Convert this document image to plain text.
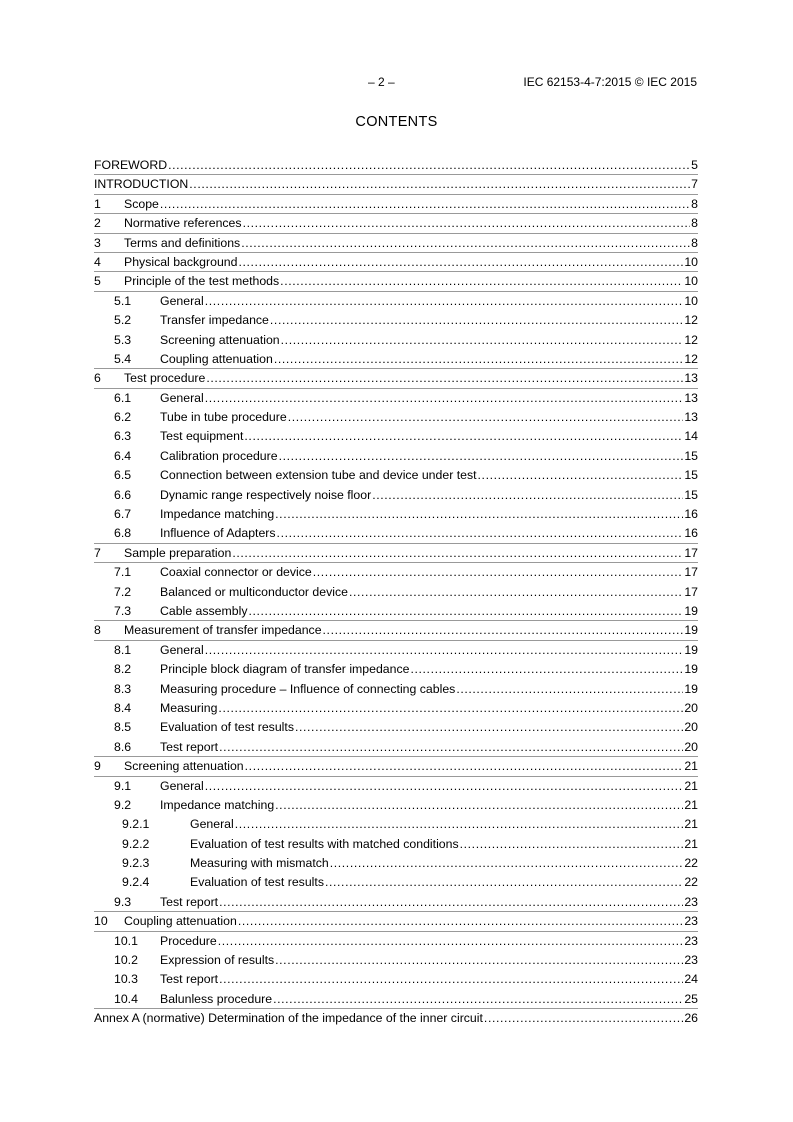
– 2 –	IEC 62153-4-7:2015 © IEC 2015
CONTENTS
FOREWORD .....	5
INTRODUCTION .....	7
1	Scope .....	8
2	Normative references .....	8
3	Terms and definitions .....	8
4	Physical background .....	10
5	Principle of the test methods .....	10
5.1	General .....	10
5.2	Transfer impedance .....	12
5.3	Screening attenuation .....	12
5.4	Coupling attenuation .....	12
6	Test procedure .....	13
6.1	General .....	13
6.2	Tube in tube procedure .....	13
6.3	Test equipment .....	14
6.4	Calibration procedure .....	15
6.5	Connection between extension tube and device under test .....	15
6.6	Dynamic range respectively noise floor .....	15
6.7	Impedance matching .....	16
6.8	Influence of Adapters .....	16
7	Sample preparation .....	17
7.1	Coaxial connector or device .....	17
7.2	Balanced or multiconductor device .....	17
7.3	Cable assembly .....	19
8	Measurement of transfer impedance .....	19
8.1	General .....	19
8.2	Principle block diagram of transfer impedance .....	19
8.3	Measuring procedure – Influence of connecting cables .....	19
8.4	Measuring .....	20
8.5	Evaluation of test results .....	20
8.6	Test report .....	20
9	Screening attenuation .....	21
9.1	General .....	21
9.2	Impedance matching .....	21
9.2.1	General .....	21
9.2.2	Evaluation of test results with matched conditions .....	21
9.2.3	Measuring with mismatch .....	22
9.2.4	Evaluation of test results .....	22
9.3	Test report .....	23
10	Coupling attenuation .....	23
10.1	Procedure .....	23
10.2	Expression of results .....	23
10.3	Test report .....	24
10.4	Balunless procedure .....	25
Annex A (normative) Determination of the impedance of the inner circuit .....	26
